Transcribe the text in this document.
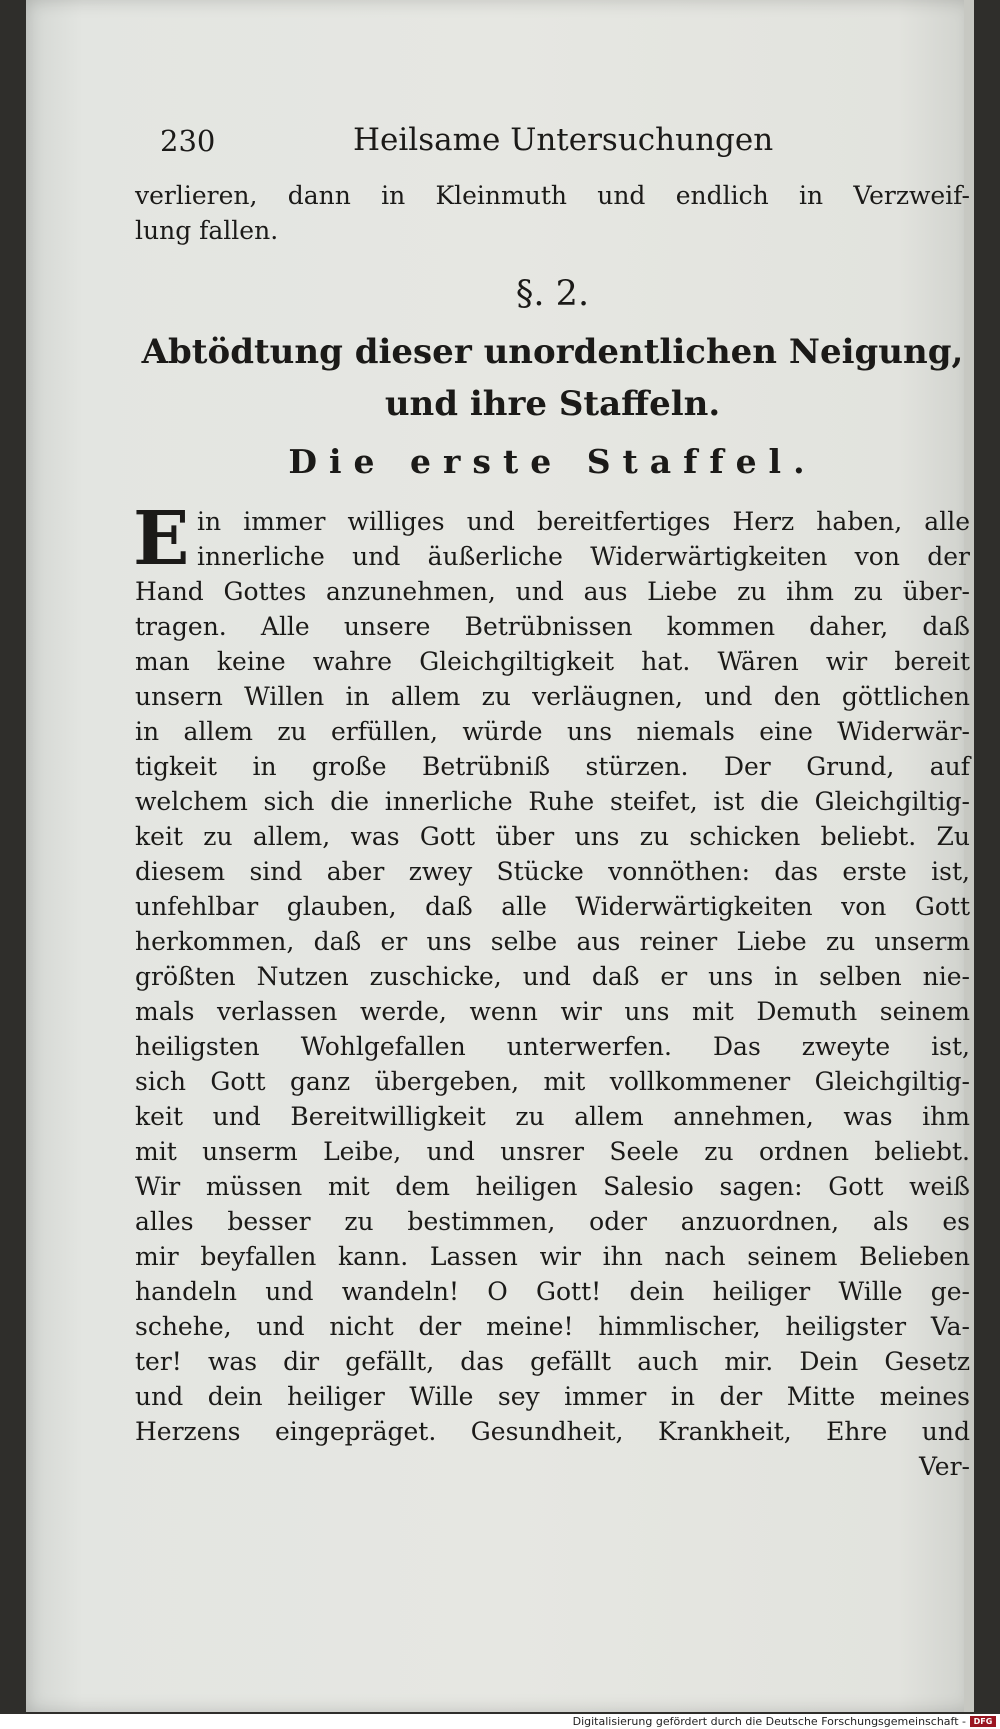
230	Heilsame Untersuchungen
verlieren, dann in Kleinmuth und endlich in Verzweif-
lung fallen.
§. 2.
Abtödtung dieser unordentlichen Neigung,
und ihre Staffeln.
Die erste Staffel.
E in immer williges und bereitfertiges Herz haben, alle
innerliche und äußerliche Widerwärtigkeiten von der
Hand Gottes anzunehmen, und aus Liebe zu ihm zu über-
tragen. Alle unsere Betrübnissen kommen daher, daß
man keine wahre Gleichgiltigkeit hat. Wären wir bereit
unsern Willen in allem zu verläugnen, und den göttlichen
in allem zu erfüllen, würde uns niemals eine Widerwär-
tigkeit in große Betrübniß stürzen. Der Grund, auf
welchem sich die innerliche Ruhe steifet, ist die Gleichgiltig-
keit zu allem, was Gott über uns zu schicken beliebt. Zu
diesem sind aber zwey Stücke vonnöthen: das erste ist,
unfehlbar glauben, daß alle Widerwärtigkeiten von Gott
herkommen, daß er uns selbe aus reiner Liebe zu unserm
größten Nutzen zuschicke, und daß er uns in selben nie-
mals verlassen werde, wenn wir uns mit Demuth seinem
heiligsten Wohlgefallen unterwerfen. Das zweyte ist,
sich Gott ganz übergeben, mit vollkommener Gleichgiltig-
keit und Bereitwilligkeit zu allem annehmen, was ihm
mit unserm Leibe, und unsrer Seele zu ordnen beliebt.
Wir müssen mit dem heiligen Salesio sagen: Gott weiß
alles besser zu bestimmen, oder anzuordnen, als es
mir beyfallen kann. Lassen wir ihn nach seinem Belieben
handeln und wandeln! O Gott! dein heiliger Wille ge-
schehe, und nicht der meine! himmlischer, heiligster Va-
ter! was dir gefällt, das gefällt auch mir. Dein Gesetz
und dein heiliger Wille sey immer in der Mitte meines
Herzens eingepräget. Gesundheit, Krankheit, Ehre und
Ver-
Digitalisierung gefördert durch die Deutsche Forschungsgemeinschaft - DFG
